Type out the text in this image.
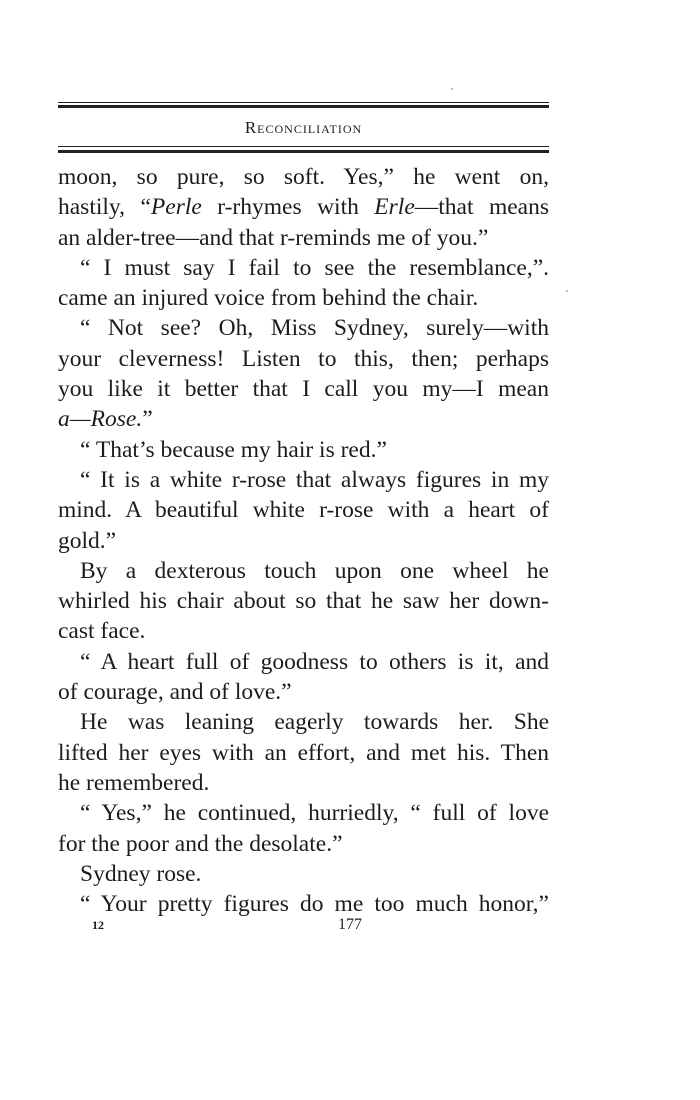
Reconciliation
moon, so pure, so soft. Yes,” he went on,
hastily, “Perle r-rhymes with Erle—that means
an alder-tree—and that r-reminds me of you.”
“ I must say I fail to see the resemblance,”.
came an injured voice from behind the chair.
“ Not see? Oh, Miss Sydney, surely—with
your cleverness! Listen to this, then; perhaps
you like it better that I call you my—I mean
a—Rose.”
“ That’s because my hair is red.”
“ It is a white r-rose that always figures in my
mind. A beautiful white r-rose with a heart of
gold.”
By a dexterous touch upon one wheel he
whirled his chair about so that he saw her down-
cast face.
“ A heart full of goodness to others is it, and
of courage, and of love.”
He was leaning eagerly towards her. She
lifted her eyes with an effort, and met his. Then
he remembered.
“ Yes,” he continued, hurriedly, “ full of love
for the poor and the desolate.”
Sydney rose.
“ Your pretty figures do me too much honor,”
12	177
